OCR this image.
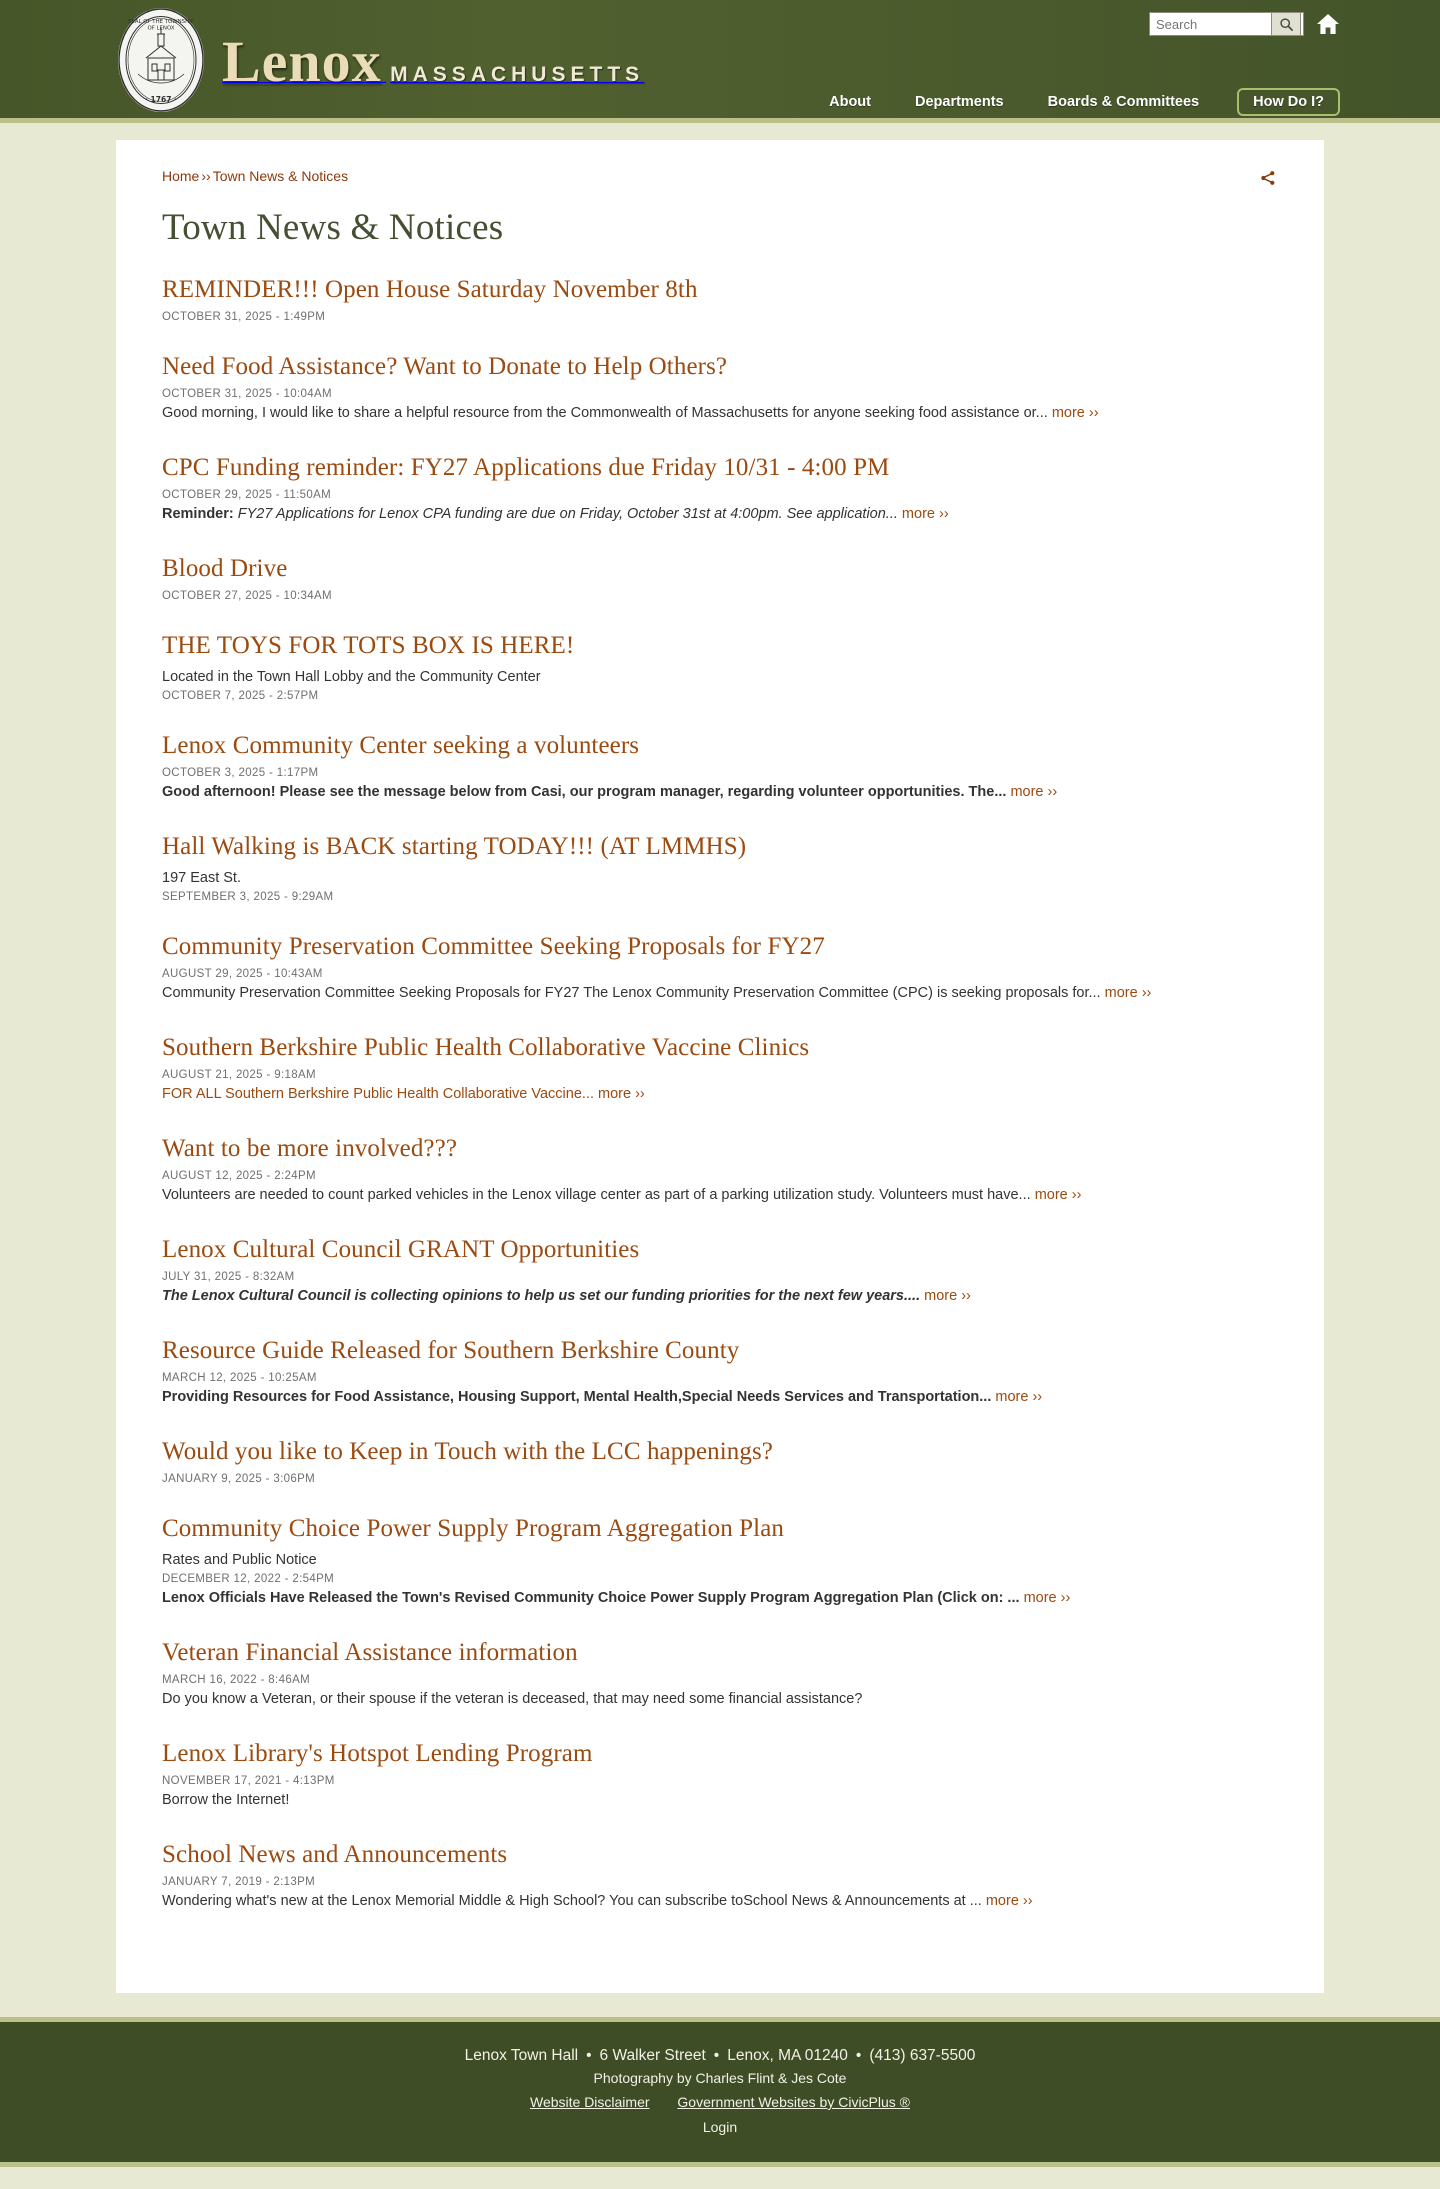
· 1767 ·
SEAL OF THE TOWNSHIP
OF LENOX
Lenox MASSACHUSETTS
Search
About	Departments	Boards & Committees	How Do I?
Home ›› Town News & Notices
Town News & Notices
REMINDER!!! Open House Saturday November 8th

OCTOBER 31, 2025 - 1:49PM

Need Food Assistance? Want to Donate to Help Others?

OCTOBER 31, 2025 - 10:04AM

Good morning, I would like to share a helpful resource from the Commonwealth of Massachusetts for anyone seeking food assistance or... more ››

CPC Funding reminder: FY27 Applications due Friday 10/31 - 4:00 PM

OCTOBER 29, 2025 - 11:50AM

Reminder: FY27 Applications for Lenox CPA funding are due on Friday, October 31st at 4:00pm. See application... more ››

Blood Drive

OCTOBER 27, 2025 - 10:34AM

THE TOYS FOR TOTS BOX IS HERE!

Located in the Town Hall Lobby and the Community Center

OCTOBER 7, 2025 - 2:57PM

Lenox Community Center seeking a volunteers

OCTOBER 3, 2025 - 1:17PM

Good afternoon! Please see the message below from Casi, our program manager, regarding volunteer opportunities. The... more ››

Hall Walking is BACK starting TODAY!!! (AT LMMHS)

197 East St.

SEPTEMBER 3, 2025 - 9:29AM

Community Preservation Committee Seeking Proposals for FY27

AUGUST 29, 2025 - 10:43AM

Community Preservation Committee Seeking Proposals for FY27 The Lenox Community Preservation Committee (CPC) is seeking proposals for... more ››

Southern Berkshire Public Health Collaborative Vaccine Clinics

AUGUST 21, 2025 - 9:18AM

FOR ALL Southern Berkshire Public Health Collaborative Vaccine... more ››

Want to be more involved???

AUGUST 12, 2025 - 2:24PM

Volunteers are needed to count parked vehicles in the Lenox village center as part of a parking utilization study. Volunteers must have... more ››

Lenox Cultural Council GRANT Opportunities

JULY 31, 2025 - 8:32AM

The Lenox Cultural Council is collecting opinions to help us set our funding priorities for the next few years.... more ››

Resource Guide Released for Southern Berkshire County

MARCH 12, 2025 - 10:25AM

Providing Resources for Food Assistance, Housing Support, Mental Health,Special Needs Services and Transportation... more ››

Would you like to Keep in Touch with the LCC happenings?

JANUARY 9, 2025 - 3:06PM

Community Choice Power Supply Program Aggregation Plan

Rates and Public Notice

DECEMBER 12, 2022 - 2:54PM

Lenox Officials Have Released the Town's Revised Community Choice Power Supply Program Aggregation Plan (Click on: ... more ››

Veteran Financial Assistance information

MARCH 16, 2022 - 8:46AM

Do you know a Veteran, or their spouse if the veteran is deceased, that may need some financial assistance?

Lenox Library's Hotspot Lending Program

NOVEMBER 17, 2021 - 4:13PM

Borrow the Internet!

School News and Announcements

JANUARY 7, 2019 - 2:13PM

Wondering what's new at the Lenox Memorial Middle & High School? You can subscribe toSchool News & Announcements at ... more ››

Lenox Town Hall • 6 Walker Street • Lenox, MA 01240 • (413) 637-5500
Photography by Charles Flint & Jes Cote
Website Disclaimer Government Websites by CivicPlus ®
Login
